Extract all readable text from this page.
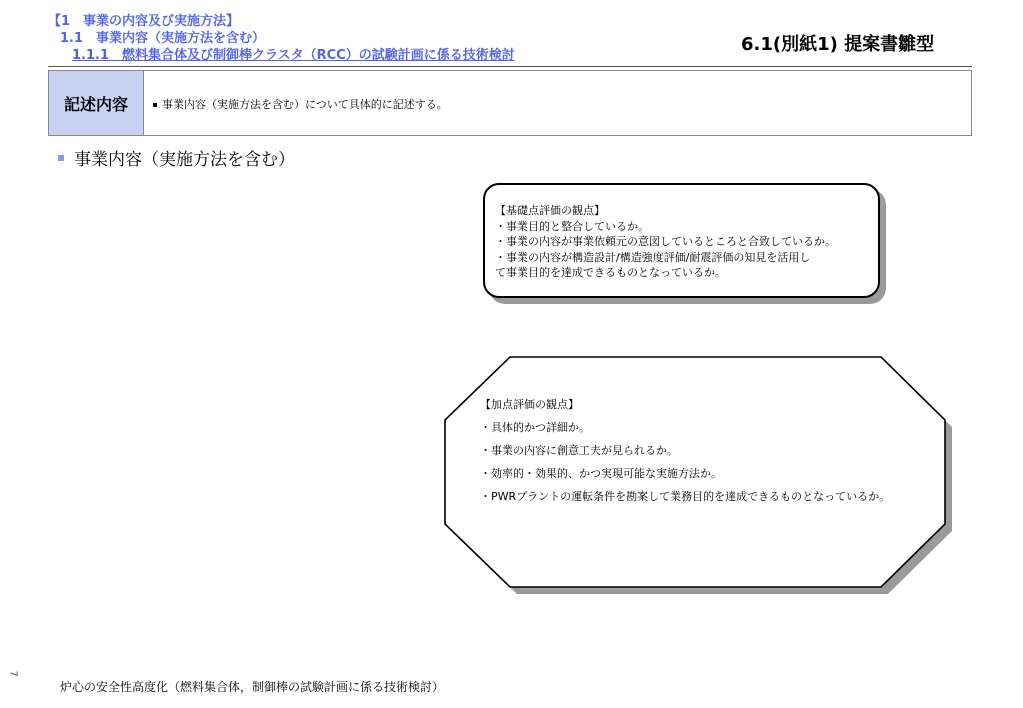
【1　事業の内容及び実施方法】
1.1　事業内容（実施方法を含む）
1.1.1　燃料集合体及び制御棒クラスタ（RCC）の試験計画に係る技術検討
6.1(別紙1) 提案書雛型
記述内容	事業内容（実施方法を含む）について具体的に記述する。
事業内容（実施方法を含む）
【基礎点評価の観点】
・事業目的と整合しているか。
・事業の内容が事業依頼元の意図しているところと合致しているか。
・事業の内容が構造設計/構造強度評価/耐震評価の知見を活用し
て事業目的を達成できるものとなっているか。
【加点評価の観点】
・具体的かつ詳細か。
・事業の内容に創意工夫が見られるか。
・効率的・効果的、かつ実現可能な実施方法か。
・PWRプラントの運転条件を勘案して業務目的を達成できるものとなっているか。
7
炉心の安全性高度化（燃料集合体，制御棒の試験計画に係る技術検討）
